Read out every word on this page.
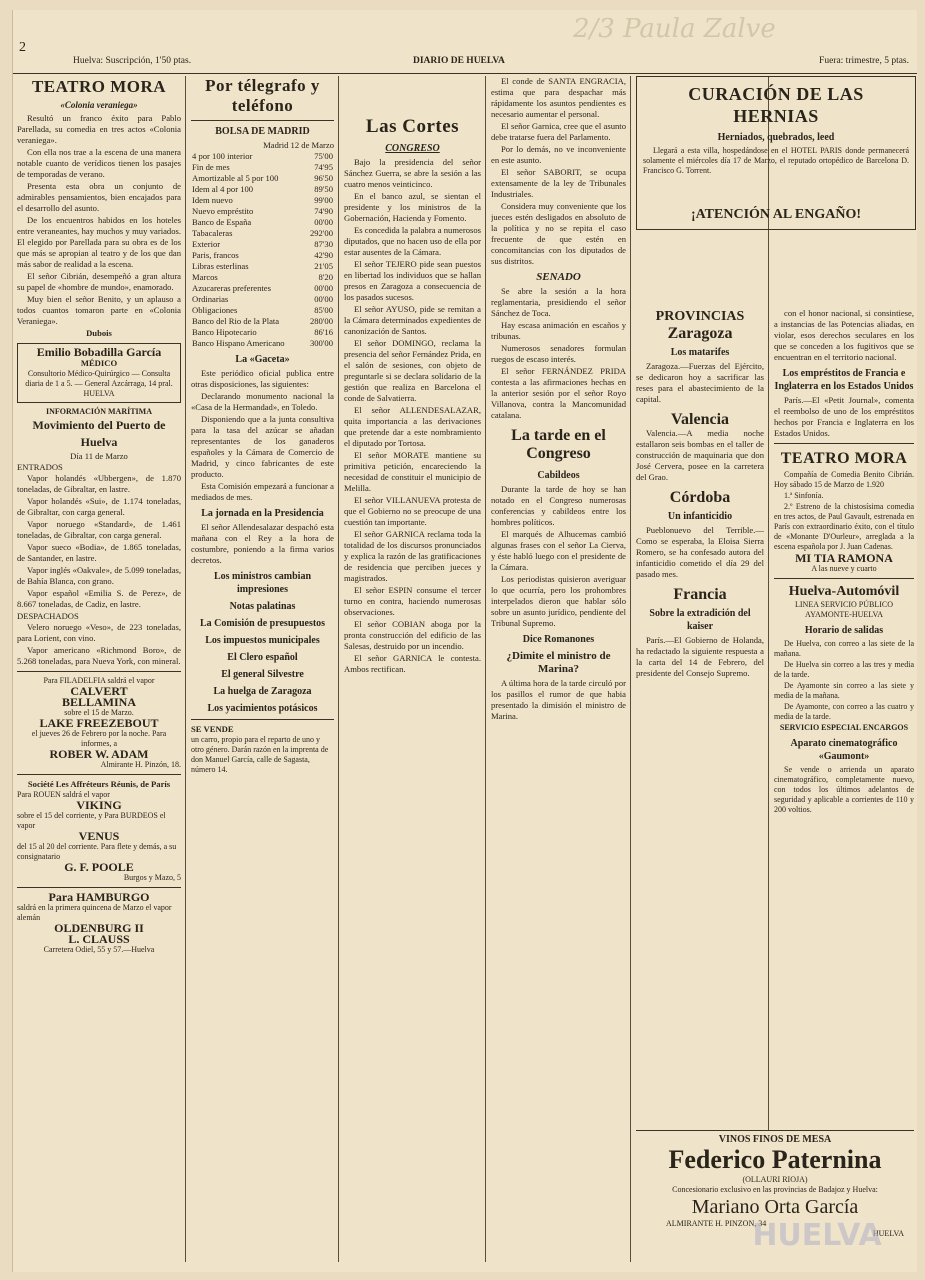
2/3 Paula Zalve
2
Huelva: Suscripción, 1'50 ptas.	DIARIO DE HUELVA	Fuera: trimestre, 5 ptas.
TEATRO MORA
«Colonia veraniega»

Resultó un franco éxito para Pablo Parellada, su comedia en tres actos «Colonia veraniega».

Con ella nos trae a la escena de una manera notable cuanto de verídicos tienen los pasajes de temporadas de verano.

Presenta esta obra un conjunto de admirables pensamientos, bien encajados para el desarrollo del asunto.

De los encuentros habidos en los hoteles entre veraneantes, hay muchos y muy variados. El elegido por Parellada para su obra es de los que más se apropian al teatro y de los que dan más sabor de realidad a la escena.

El señor Cibrián, desempeñó a gran altura su papel de «hombre de mundo», enamorado.

Muy bien el señor Benito, y un aplauso a todos cuantos tomaron parte en «Colonia Veraniega».

Dubois
Emilio Bobadilla García
MÉDICO
Consultorio Médico-Quirúrgico — Consulta diaria de 1 a 5. — General Azcárraga, 14 pral. HUELVA
INFORMACIÓN MARÍTIMA
Movimiento del Puerto de Huelva
Día 11 de Marzo
ENTRADOS

Vapor holandés «Ubbergen», de 1.870 toneladas, de Gibraltar, en lastre.

Vapor holandés «Sui», de 1.174 toneladas, de Gibraltar, con carga general.

Vapor noruego «Standard», de 1.461 toneladas, de Gibraltar, con carga general.

Vapor sueco «Bodia», de 1.865 toneladas, de Santander, en lastre.

Vapor inglés «Oakvale», de 5.099 toneladas, de Bahía Blanca, con grano.

Vapor español «Emilia S. de Perez», de 8.667 toneladas, de Cadiz, en lastre.

DESPACHADOS

Velero noruego «Veso», de 223 toneladas, para Lorient, con vino.

Vapor americano «Richmond Boro», de 5.268 toneladas, para Nueva York, con mineral.

Para FILADELFIA saldrá el vapor
CALVERT
BELLAMINA
sobre el 15 de Marzo.
LAKE FREEZEBOUT
el jueves 26 de Febrero por la noche. Para informes, a
ROBER W. ADAM
Almirante H. Pinzón, 18.
Société Les Affréteurs Réunis, de París
Para ROUEN saldrá el vapor
VIKING
sobre el 15 del corriente, y Para BURDEOS el vapor
VENUS
del 15 al 20 del corriente. Para flete y demás, a su consignatario
G. F. POOLE
Burgos y Mazo, 5
Para HAMBURGO
saldrá en la primera quincena de Marzo el vapor alemán
OLDENBURG II
L. CLAUSS
Carretera Odiel, 55 y 57.—Huelva
Por télegrafo y teléfono
BOLSA DE MADRID
Madrid 12 de Marzo
4 por 100 interior	75'00
Fin de mes	74'95
Amortizable al 5 por 100	96'50
Idem al 4 por 100	89'50
Idem nuevo	99'00
Nuevo empréstito	74'90
Banco de España	00'00
Tabacaleras	292'00
Exterior	87'30
Paris, francos	42'90
Libras esterlinas	21'05
Marcos	8'20
Azucareras preferentes	00'00
Ordinarias	00'00
Obligaciones	85'00
Banco del Rio de la Plata	280'00
Banco Hipotecario	86'16
Banco Hispano Americano	300'00
La «Gaceta»

Este periódico oficial publica entre otras disposiciones, las siguientes:

Declarando monumento nacional la «Casa de la Hermandad», en Toledo.

Disponiendo que a la junta consultiva para la tasa del azúcar se añadan representantes de los ganaderos españoles y la Cámara de Comercio de Madrid, y cinco fabricantes de este producto.

Esta Comisión empezará a funcionar a mediados de mes.

La jornada en la Presidencia

El señor Allendesalazar despachó esta mañana con el Rey a la hora de costumbre, poniendo a la firma varios decretos.

Los ministros cambian impresiones
Notas palatinas
La Comisión de presupuestos
Los impuestos municipales
El Clero español
El general Silvestre
La huelga de Zaragoza
Los yacimientos potásicos
SE VENDE
un carro, propio para el reparto de uno y otro género. Darán razón en la imprenta de don Manuel García, calle de Sagasta, número 14.
Las Cortes
CONGRESO

Bajo la presidencia del señor Sánchez Guerra, se abre la sesión a las cuatro menos veinticinco.

En el banco azul, se sientan el presidente y los ministros de la Gobernación, Hacienda y Fomento.

Es concedida la palabra a numerosos diputados, que no hacen uso de ella por estar ausentes de la Cámara.

El señor TEJERO pide sean puestos en libertad los individuos que se hallan presos en Zaragoza a consecuencia de los pasados sucesos.

El señor AYUSO, pide se remitan a la Cámara determinados expedientes de canonización de Santos.

El señor DOMINGO, reclama la presencia del señor Fernández Prida, en el salón de sesiones, con objeto de preguntarle si se declara solidario de la gestión que realiza en Barcelona el conde de Salvatierra.

El señor ALLENDESALAZAR, quita importancia a las derivaciones que pretende dar a este nombramiento el diputado por Tortosa.

El señor MORATE mantiene su primitiva petición, encareciendo la necesidad de constituir el municipio de Melilla.

El señor VILLANUEVA protesta de que el Gobierno no se preocupe de una cuestión tan importante.

El señor GARNICA reclama toda la totalidad de los discursos pronunciados y explica la razón de las gratificaciones de residencia que perciben jueces y magistrados.

El señor ESPIN consume el tercer turno en contra, haciendo numerosas observaciones.

El señor COBIAN aboga por la pronta construcción del edificio de las Salesas, destruido por un incendio.

El señor GARNICA le contesta. Ambos rectifican.

El conde de SANTA ENGRACIA, estima que para despachar más rápidamente los asuntos pendientes es necesario aumentar el personal.

El señor Garnica, cree que el asunto debe tratarse fuera del Parlamento.

Por lo demás, no ve inconveniente en este asunto.

El señor SABORIT, se ocupa extensamente de la ley de Tribunales Industriales.

Considera muy conveniente que los jueces estén desligados en absoluto de la política y no se repita el caso frecuente de que estén en concomitancias con los diputados de sus distritos.

SENADO

Se abre la sesión a la hora reglamentaria, presidiendo el señor Sánchez de Toca.

Hay escasa animación en escaños y tribunas.

Numerosos senadores formulan ruegos de escaso interés.

El señor FERNÁNDEZ PRIDA contesta a las afirmaciones hechas en la anterior sesión por el señor Royo Villanova, contra la Mancomunidad catalana.

La tarde en el Congreso
Cabildeos

Durante la tarde de hoy se han notado en el Congreso numerosas conferencias y cabildeos entre los hombres políticos.

El marqués de Alhucemas cambió algunas frases con el señor La Cierva, y éste habló luego con el presidente de la Cámara.

Los periodistas quisieron averiguar lo que ocurría, pero los prohombres interpelados dieron que hablar sólo sobre un asunto jurídico, pendiente del Tribunal Supremo.

Dice Romanones
¿Dimite el ministro de Marina?

A última hora de la tarde circuló por los pasillos el rumor de que habia presentado la dimisión el ministro de Marina.

CURACIÓN DE LAS HERNIAS
Herniados, quebrados, leed

Llegará a esta villa, hospedándose en el HOTEL PARIS donde permanecerá solamente el miércoles día 17 de Marzo, el reputado ortopédico de Barcelona D. Francisco G. Torrent.

¡ATENCIÓN AL ENGAÑO!
PROVINCIAS
Zaragoza
Los matarifes

Zaragoza.—Fuerzas del Ejército, se dedicaron hoy a sacrificar las reses para el abastecimiento de la capital.

Valencia

Valencia.—A media noche estallaron seis bombas en el taller de construcción de maquinaria que don José Cervera, posee en la carretera del Grao.

Córdoba
Un infanticidio

Pueblonuevo del Terrible.—Como se esperaba, la Eloisa Sierra Romero, se ha confesado autora del infanticidio cometido el día 29 del pasado mes.

Francia
Sobre la extradición del kaiser

París.—El Gobierno de Holanda, ha redactado la siguiente respuesta a la carta del 14 de Febrero, del presidente del Consejo Supremo.

con el honor nacional, si consintiese, a instancias de las Potencias aliadas, en violar, esos derechos seculares en los que se conceden a los fugitivos que se encuentran en el territorio nacional.

Los empréstitos de Francia e Inglaterra en los Estados Unidos

París.—El «Petit Journal», comenta el reembolso de uno de los empréstitos hechos por Francia e Inglaterra en los Estados Unidos.

TEATRO MORA

Compañía de Comedia Benito Cibrián. Hoy sábado 15 de Marzo de 1.920

1.ª Sinfonía.

2.º Estreno de la chistosísima comedia en tres actos, de Paul Gavault, estrenada en París con extraordinario éxito, con el título de «Monante D'Ourleur», arreglada a la escena española por J. Juan Cadenas.

MI TIA RAMONA
A las nueve y cuarto
Huelva-Automóvil
LINEA SERVICIO PÚBLICO
AYAMONTE-HUELVA
Horario de salidas

De Huelva, con correo a las siete de la mañana.

De Huelva sin correo a las tres y media de la tarde.

De Ayamonte sin correo a las siete y media de la mañana.

De Ayamonte, con correo a las cuatro y media de la tarde.

SERVICIO ESPECIAL ENCARGOS
Aparato cinematográfico «Gaumont»

Se vende o arrienda un aparato cinematográfico, completamente nuevo, con todos los últimos adelantos de seguridad y aplicable a corrientes de 110 y 200 voltios.

VINOS FINOS DE MESA
Federico Paternina
(OLLAURI RIOJA)
Concesionario exclusivo en las provincias de Badajoz y Huelva:
Mariano Orta García
ALMIRANTE H. PINZON, 34
HUELVA
HUELVA
